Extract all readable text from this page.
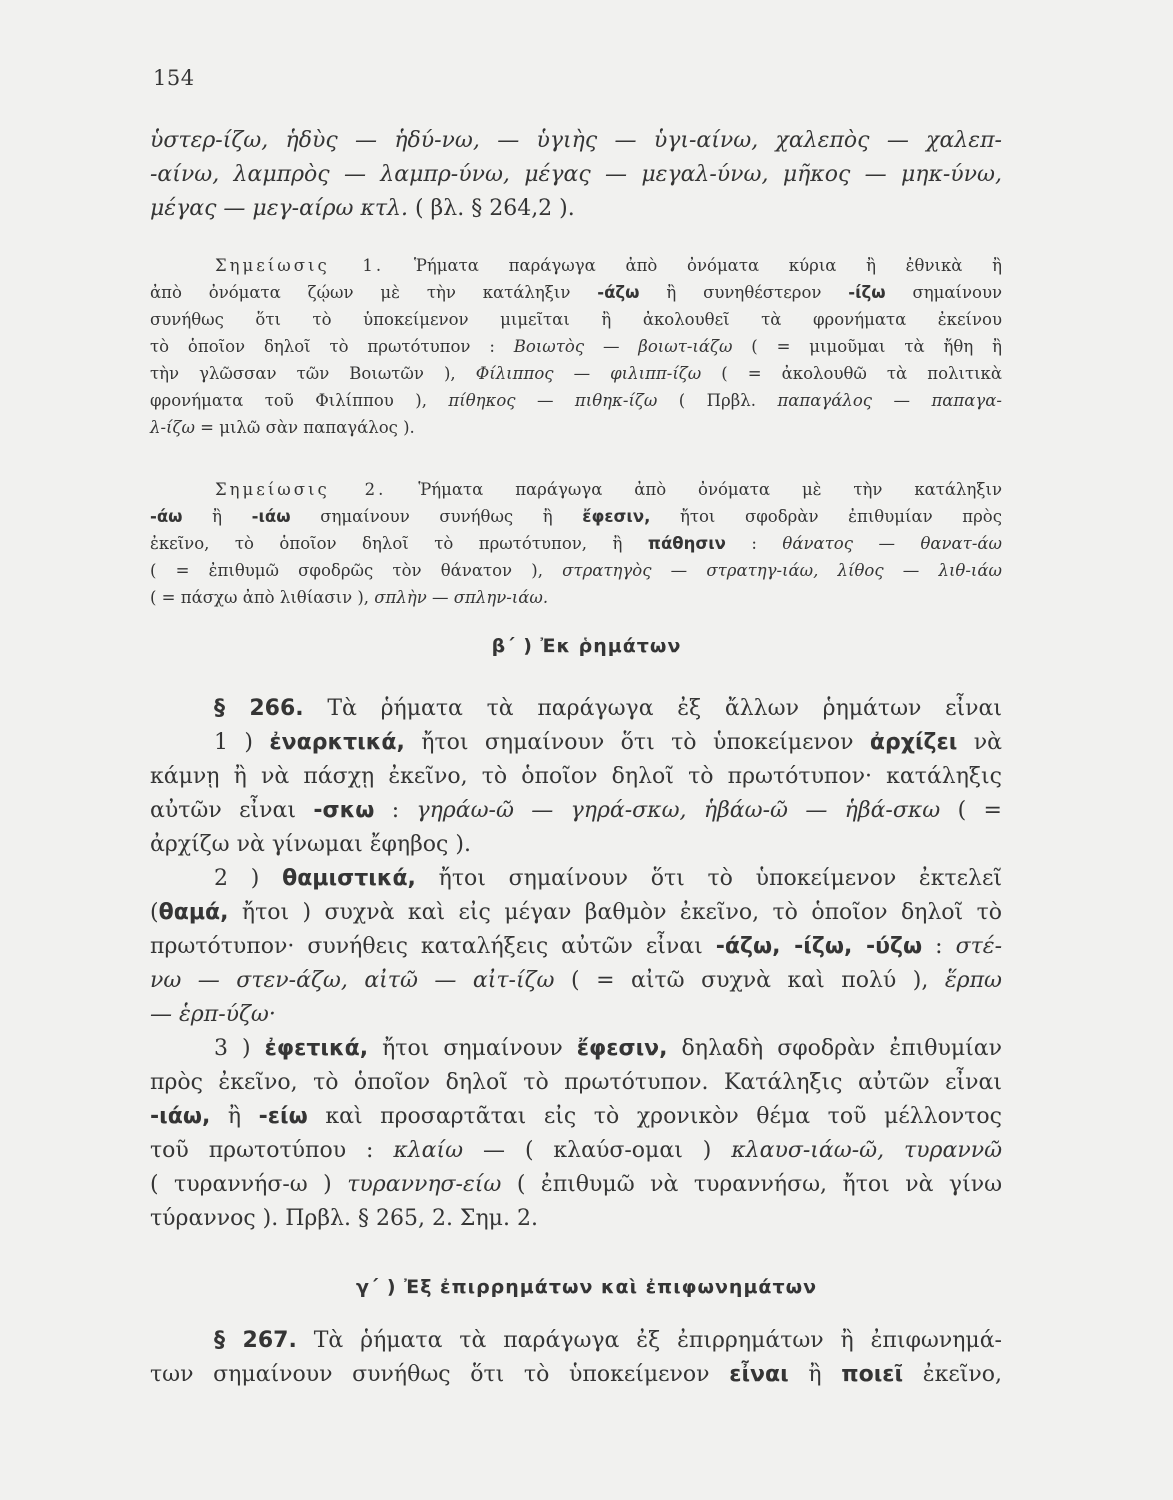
154
ὑστερ-ίζω, ἡδὺς — ἡδύ-νω, — ὑγιὴς — ὑγι-αίνω, χαλεπὸς — χαλεπ-
-αίνω, λαμπρὸς — λαμπρ-ύνω, μέγας — μεγαλ-ύνω, μῆκος — μηκ-ύνω,
μέγας — μεγ-αίρω κτλ. ( βλ. § 264,2 ).
Σημείωσις 1. Ῥήματα παράγωγα ἀπὸ ὀνόματα κύρια ἢ ἐθνικὰ ἢ
ἀπὸ ὀνόματα ζῴων μὲ τὴν κατάληξιν -άζω ἢ συνηθέστερον -ίζω σημαίνουν
συνήθως ὅτι τὸ ὑποκείμενον μιμεῖται ἢ ἀκολουθεῖ τὰ φρονήματα ἐκείνου
τὸ ὁποῖον δηλοῖ τὸ πρωτότυπον : Βοιωτὸς — βοιωτ-ιάζω ( = μιμοῦμαι τὰ ἤθη ἢ
τὴν γλῶσσαν τῶν Βοιωτῶν ), Φίλιππος — φιλιππ-ίζω ( = ἀκολουθῶ τὰ πολιτικὰ
φρονήματα τοῦ Φιλίππου ), πίθηκος — πιθηκ-ίζω ( Πρβλ. παπαγάλος — παπαγα-
λ-ίζω = μιλῶ σὰν παπαγάλος ).
Σημείωσις 2. Ῥήματα παράγωγα ἀπὸ ὀνόματα μὲ τὴν κατάληξιν
-άω ἢ -ιάω σημαίνουν συνήθως ἢ ἔφεσιν, ἤτοι σφοδρὰν ἐπιθυμίαν πρὸς
ἐκεῖνο, τὸ ὁποῖον δηλοῖ τὸ πρωτότυπον, ἢ πάθησιν : θάνατος — θανατ-άω
( = ἐπιθυμῶ σφοδρῶς τὸν θάνατον ), στρατηγὸς — στρατηγ-ιάω, λίθος — λιθ-ιάω
( = πάσχω ἀπὸ λιθίασιν ), σπλὴν — σπλην-ιάω.
β΄ ) Ἐκ ῥημάτων
§ 266. Τὰ ῥήματα τὰ παράγωγα ἐξ ἄλλων ῥημάτων εἶναι
1 ) ἐναρκτικά, ἤτοι σημαίνουν ὅτι τὸ ὑποκείμενον ἀρχίζει νὰ
κάμνῃ ἢ νὰ πάσχῃ ἐκεῖνο, τὸ ὁποῖον δηλοῖ τὸ πρωτότυπον· κατάληξις
αὐτῶν εἶναι -σκω : γηράω-ῶ — γηρά-σκω, ἡβάω-ῶ — ἡβά-σκω ( =
ἀρχίζω νὰ γίνωμαι ἔφηβος ).
2 ) θαμιστικά, ἤτοι σημαίνουν ὅτι τὸ ὑποκείμενον ἐκτελεῖ
(θαμά, ἤτοι ) συχνὰ καὶ εἰς μέγαν βαθμὸν ἐκεῖνο, τὸ ὁποῖον δηλοῖ τὸ
πρωτότυπον· συνήθεις καταλήξεις αὐτῶν εἶναι -άζω, -ίζω, -ύζω : στέ-
νω — στεν-άζω, αἰτῶ — αἰτ-ίζω ( = αἰτῶ συχνὰ καὶ πολύ ), ἕρπω
— ἑρπ-ύζω·
3 ) ἐφετικά, ἤτοι σημαίνουν ἔφεσιν, δηλαδὴ σφοδρὰν ἐπιθυμίαν
πρὸς ἐκεῖνο, τὸ ὁποῖον δηλοῖ τὸ πρωτότυπον. Κατάληξις αὐτῶν εἶναι
-ιάω, ἢ -είω καὶ προσαρτᾶται εἰς τὸ χρονικὸν θέμα τοῦ μέλλοντος
τοῦ πρωτοτύπου : κλαίω — ( κλαύσ-ομαι ) κλαυσ-ιάω-ῶ, τυραννῶ
( τυραννήσ-ω ) τυραννησ-είω ( ἐπιθυμῶ νὰ τυραννήσω, ἤτοι νὰ γίνω
τύραννος ). Πρβλ. § 265, 2. Σημ. 2.
γ΄ ) Ἐξ ἐπιρρημάτων καὶ ἐπιφωνημάτων
§ 267. Τὰ ῥήματα τὰ παράγωγα ἐξ ἐπιρρημάτων ἢ ἐπιφωνημά-
των σημαίνουν συνήθως ὅτι τὸ ὑποκείμενον εἶναι ἢ ποιεῖ ἐκεῖνο,
